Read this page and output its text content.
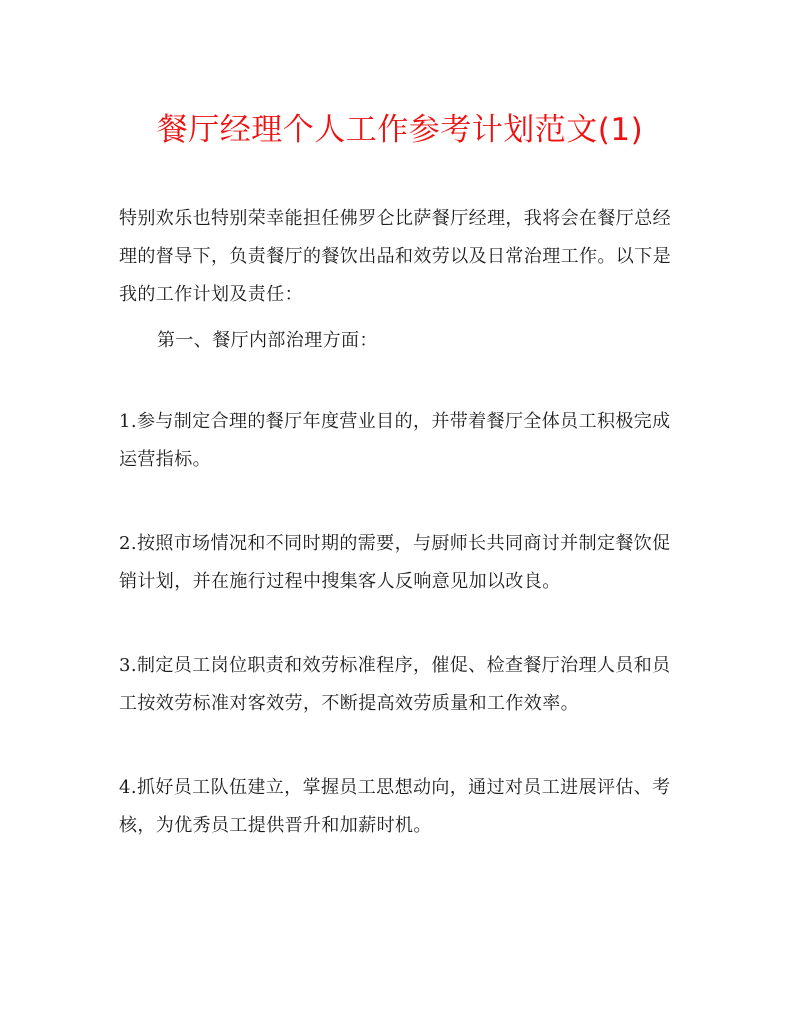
餐厅经理个人工作参考计划范文(1)

特别欢乐也特别荣幸能担任佛罗仑比萨餐厅经理，我将会在餐厅总经理的督导下，负责餐厅的餐饮出品和效劳以及日常治理工作。以下是我的工作计划及责任：

第一、餐厅内部治理方面：

1.参与制定合理的餐厅年度营业目的，并带着餐厅全体员工积极完成运营指标。

2.按照市场情况和不同时期的需要，与厨师长共同商讨并制定餐饮促销计划，并在施行过程中搜集客人反响意见加以改良。

3.制定员工岗位职责和效劳标准程序，催促、检查餐厅治理人员和员工按效劳标准对客效劳，不断提高效劳质量和工作效率。

4.抓好员工队伍建立，掌握员工思想动向，通过对员工进展评估、考核，为优秀员工提供晋升和加薪时机。
